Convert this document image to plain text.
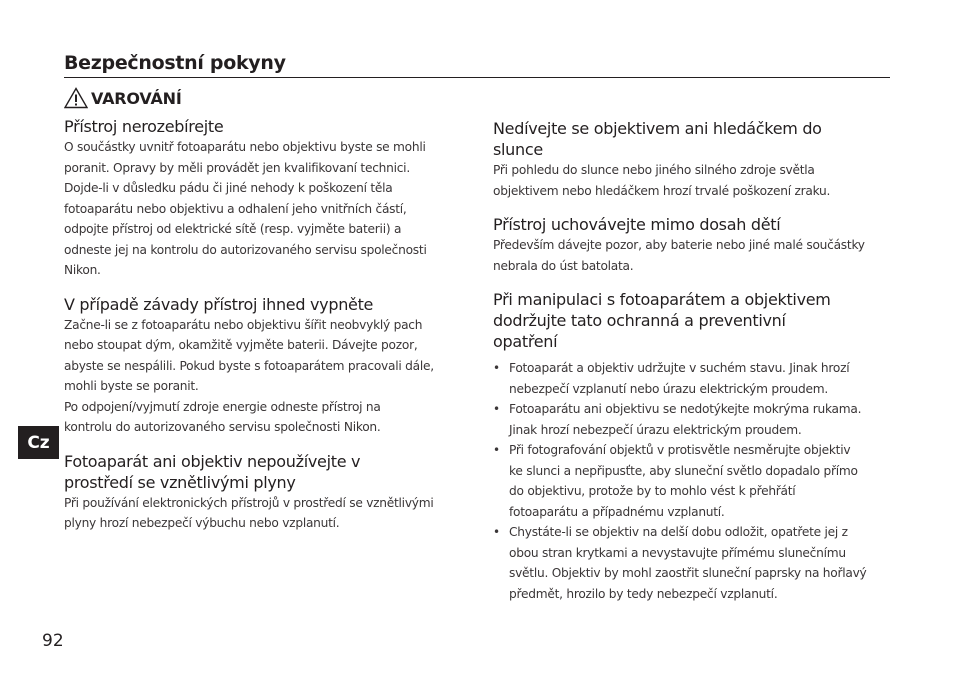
Bezpečnostní pokyny
VAROVÁNÍ

Přístroj nerozebírejte

O součástky uvnitř fotoaparátu nebo objektivu byste se mohli

poranit. Opravy by měli provádět jen kvalifikovaní technici.

Dojde-li v důsledku pádu či jiné nehody k poškození těla

fotoaparátu nebo objektivu a odhalení jeho vnitřních částí,

odpojte přístroj od elektrické sítě (resp. vyjměte baterii) a

odneste jej na kontrolu do autorizovaného servisu společnosti

Nikon.

V případě závady přístroj ihned vypněte

Začne-li se z fotoaparátu nebo objektivu šířit neobvyklý pach

nebo stoupat dým, okamžitě vyjměte baterii. Dávejte pozor,

abyste se nespálili. Pokud byste s fotoaparátem pracovali dále,

mohli byste se poranit.

Po odpojení/vyjmutí zdroje energie odneste přístroj na

kontrolu do autorizovaného servisu společnosti Nikon.

Fotoaparát ani objektiv nepoužívejte v

prostředí se vznětlivými plyny

Při používání elektronických přístrojů v prostředí se vznětlivými

plyny hrozí nebezpečí výbuchu nebo vzplanutí.

Nedívejte se objektivem ani hledáčkem do

slunce

Při pohledu do slunce nebo jiného silného zdroje světla

objektivem nebo hledáčkem hrozí trvalé poškození zraku.

Přístroj uchovávejte mimo dosah dětí

Především dávejte pozor, aby baterie nebo jiné malé součástky

nebrala do úst batolata.

Při manipulaci s fotoaparátem a objektivem

dodržujte tato ochranná a preventivní

opatření

• Fotoaparát a objektiv udržujte v suchém stavu. Jinak hrozí
nebezpečí vzplanutí nebo úrazu elektrickým proudem.
• Fotoaparátu ani objektivu se nedotýkejte mokrýma rukama.
Jinak hrozí nebezpečí úrazu elektrickým proudem.
• Při fotografování objektů v protisvětle nesměrujte objektiv
ke slunci a nepřipusťte, aby sluneční světlo dopadalo přímo
do objektivu, protože by to mohlo vést k přehřátí
fotoaparátu a případnému vzplanutí.
• Chystáte-li se objektiv na delší dobu odložit, opatřete jej z
obou stran krytkami a nevystavujte přímému slunečnímu
světlu. Objektiv by mohl zaostřit sluneční paprsky na hořlavý
předmět, hrozilo by tedy nebezpečí vzplanutí.
Cz
92
